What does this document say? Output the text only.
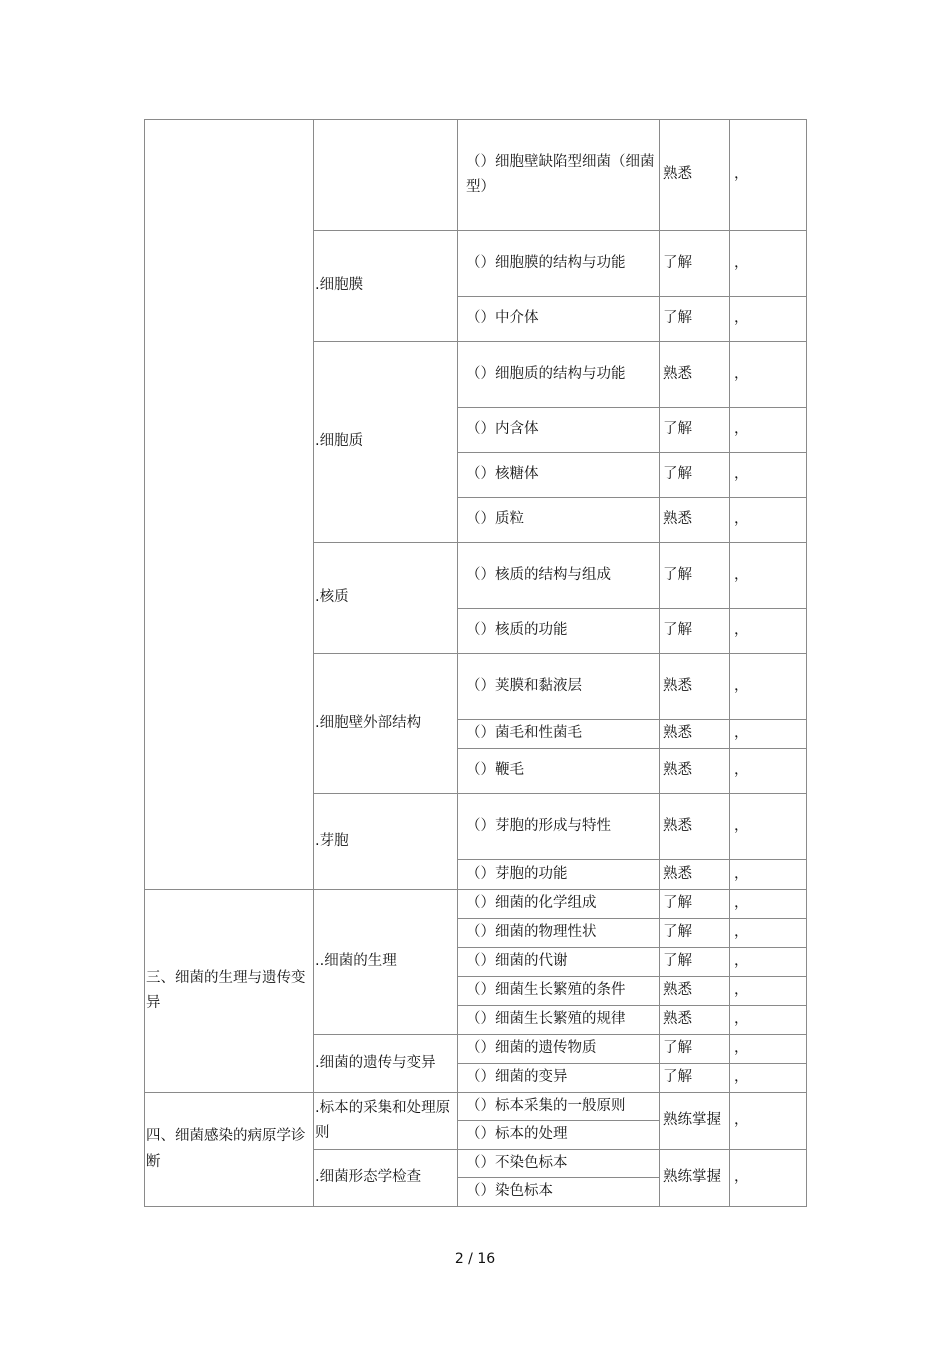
		（）细胞壁缺陷型细菌（细菌型）	熟悉	，
	.细胞膜	（）细胞膜的结构与功能	了解	，
		（）中介体	了解	，
	.细胞质	（）细胞质的结构与功能	熟悉	，
		（）内含体	了解	，
		（）核糖体	了解	，
		（）质粒	熟悉	，
	.核质	（）核质的结构与组成	了解	，
		（）核质的功能	了解	，
	.细胞壁外部结构	（）荚膜和黏液层	熟悉	，
		（）菌毛和性菌毛	熟悉	，
		（）鞭毛	熟悉	，
	.芽胞	（）芽胞的形成与特性	熟悉	，
		（）芽胞的功能	熟悉	，
三、细菌的生理与遗传变异	..细菌的生理	（）细菌的化学组成	了解	，
		（）细菌的物理性状	了解	，
		（）细菌的代谢	了解	，
		（）细菌生长繁殖的条件	熟悉	，
		（）细菌生长繁殖的规律	熟悉	，
	.细菌的遗传与变异	（）细菌的遗传物质	了解	，
		（）细菌的变异	了解	，
四、细菌感染的病原学诊断	.标本的采集和处理原则	（）标本采集的一般原则	熟练掌握	，
		（）标本的处理		
	.细菌形态学检查	（）不染色标本	熟练掌握	，
		（）染色标本		
2 / 16
